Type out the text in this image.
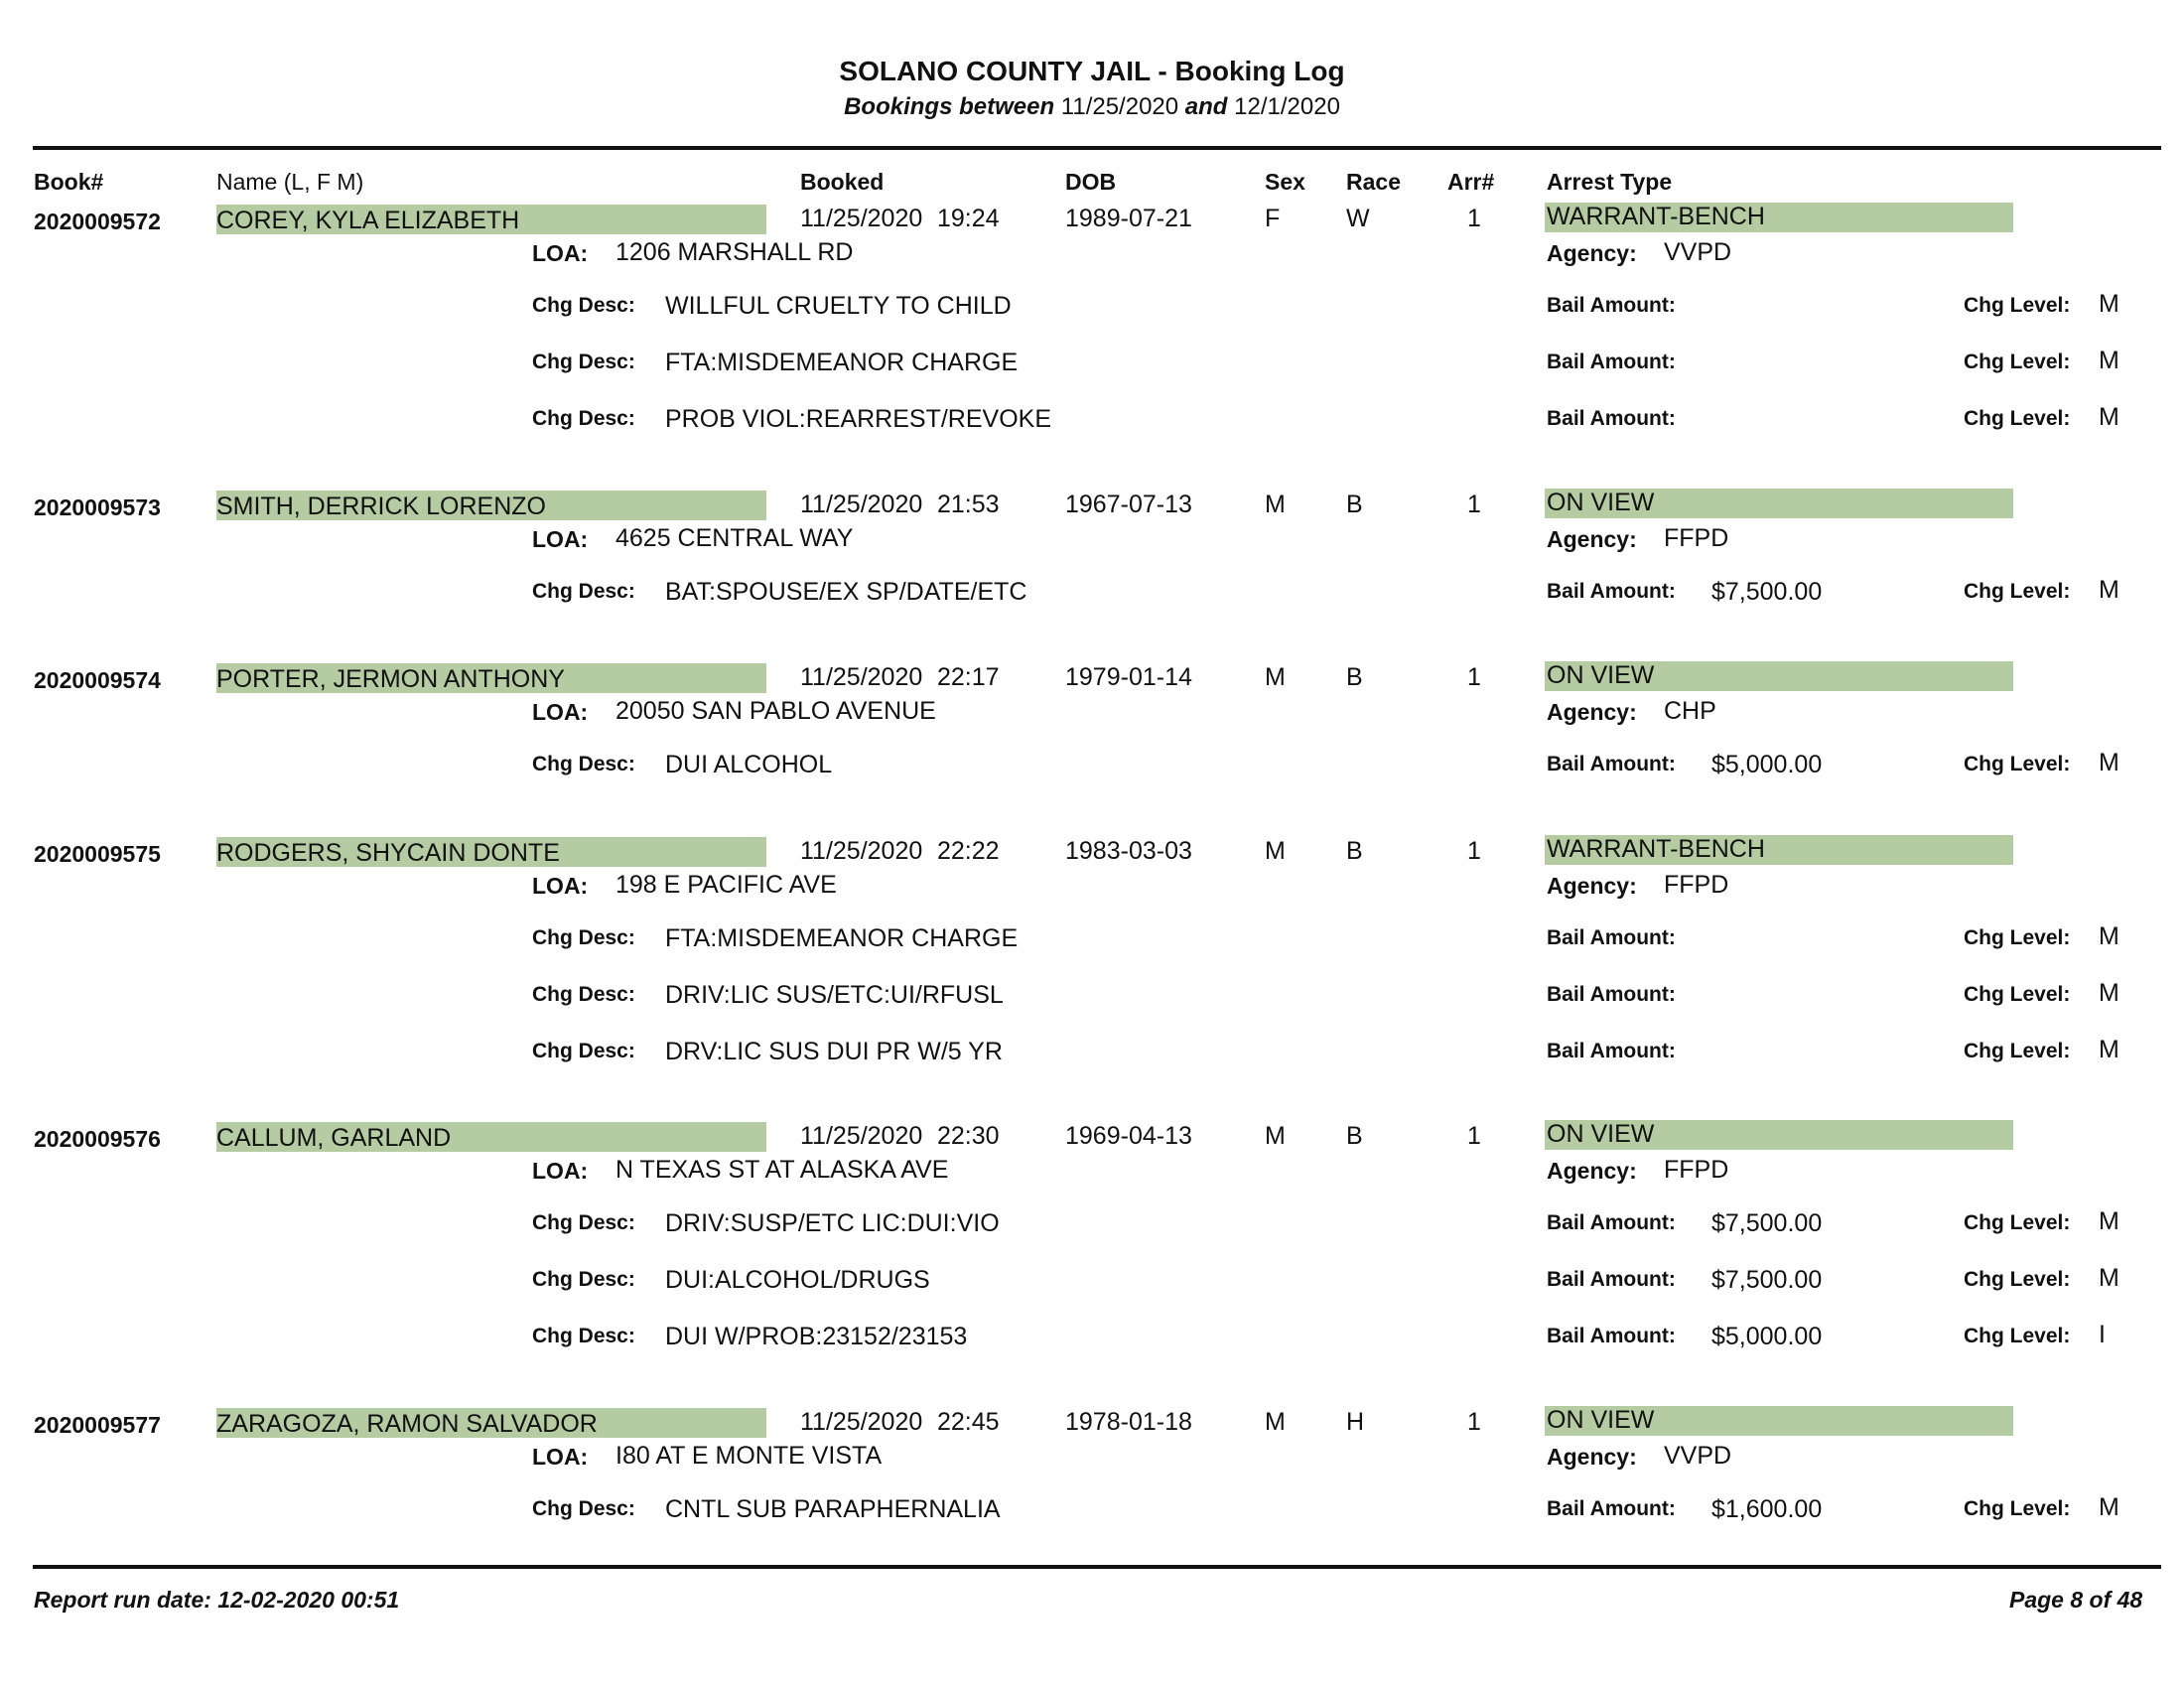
SOLANO COUNTY JAIL - Booking Log
Bookings between 11/25/2020 and 12/1/2020
Book#	Name (L, F M)	Booked	DOB	Sex Race Arr# Arrest Type
2020009572 COREY, KYLA ELIZABETH	11/25/2020 19:24	1989-07-21	F	W	1	WARRANT-BENCH
LOA: 1206 MARSHALL RD	Agency: VVPD
Chg Desc: WILLFUL CRUELTY TO CHILD	Bail Amount:	Chg Level: M
Chg Desc: FTA:MISDEMEANOR CHARGE	Bail Amount:	Chg Level: M
Chg Desc: PROB VIOL:REARREST/REVOKE	Bail Amount:	Chg Level: M
2020009573 SMITH, DERRICK LORENZO	11/25/2020 21:53	1967-07-13	M B	1	ON VIEW
LOA: 4625 CENTRAL WAY	Agency: FFPD
Chg Desc: BAT:SPOUSE/EX SP/DATE/ETC	Bail Amount: $7,500.00	Chg Level: M
2020009574 PORTER, JERMON ANTHONY	11/25/2020 22:17	1979-01-14	M B	1	ON VIEW
LOA: 20050 SAN PABLO AVENUE	Agency: CHP
Chg Desc: DUI ALCOHOL	Bail Amount: $5,000.00	Chg Level: M
2020009575 RODGERS, SHYCAIN DONTE	11/25/2020 22:22	1983-03-03	M B	1	WARRANT-BENCH
LOA: 198 E PACIFIC AVE	Agency: FFPD
Chg Desc: FTA:MISDEMEANOR CHARGE	Bail Amount:	Chg Level: M
Chg Desc: DRIV:LIC SUS/ETC:UI/RFUSL	Bail Amount:	Chg Level: M
Chg Desc: DRV:LIC SUS DUI PR W/5 YR	Bail Amount:	Chg Level: M
2020009576 CALLUM, GARLAND	11/25/2020 22:30	1969-04-13	M B	1	ON VIEW
LOA: N TEXAS ST AT ALASKA AVE	Agency: FFPD
Chg Desc: DRIV:SUSP/ETC LIC:DUI:VIO	Bail Amount: $7,500.00	Chg Level: M
Chg Desc: DUI:ALCOHOL/DRUGS	Bail Amount: $7,500.00	Chg Level: M
Chg Desc: DUI W/PROB:23152/23153	Bail Amount: $5,000.00	Chg Level: I
2020009577 ZARAGOZA, RAMON SALVADOR	11/25/2020 22:45	1978-01-18	M H	1	ON VIEW
LOA: I80 AT E MONTE VISTA	Agency: VVPD
Chg Desc: CNTL SUB PARAPHERNALIA	Bail Amount: $1,600.00	Chg Level: M
Report run date: 12-02-2020 00:51	Page 8 of 48
